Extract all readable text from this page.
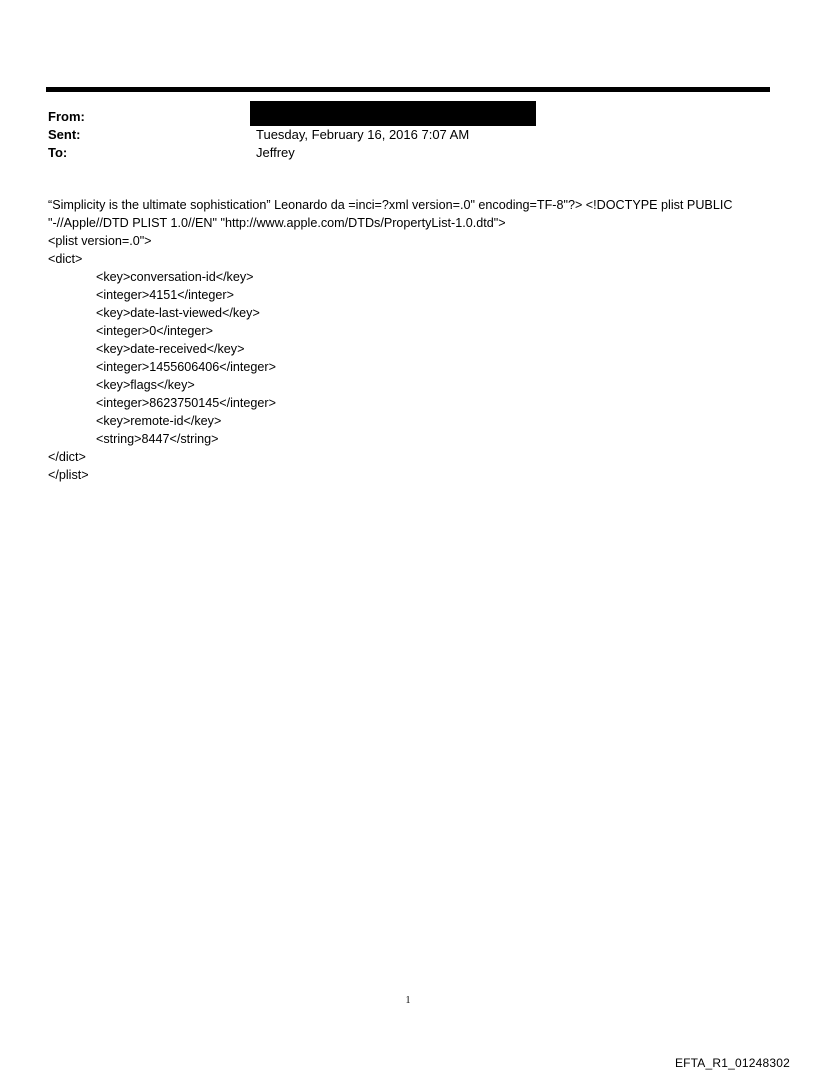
From:
Sent:	Tuesday, February 16, 2016 7:07 AM
To:	Jeffrey
“Simplicity is the ultimate sophistication” Leonardo da =inci=?xml version=.0" encoding=TF-8"?> <!DOCTYPE plist PUBLIC
"-//Apple//DTD PLIST 1.0//EN" "http://www.apple.com/DTDs/PropertyList-1.0.dtd">
<plist version=.0">
<dict>
<key>conversation-id</key>
<integer>4151</integer>
<key>date-last-viewed</key>
<integer>0</integer>
<key>date-received</key>
<integer>1455606406</integer>
<key>flags</key>
<integer>8623750145</integer>
<key>remote-id</key>
<string>8447</string>
</dict>
</plist>
1
EFTA_R1_01248302
